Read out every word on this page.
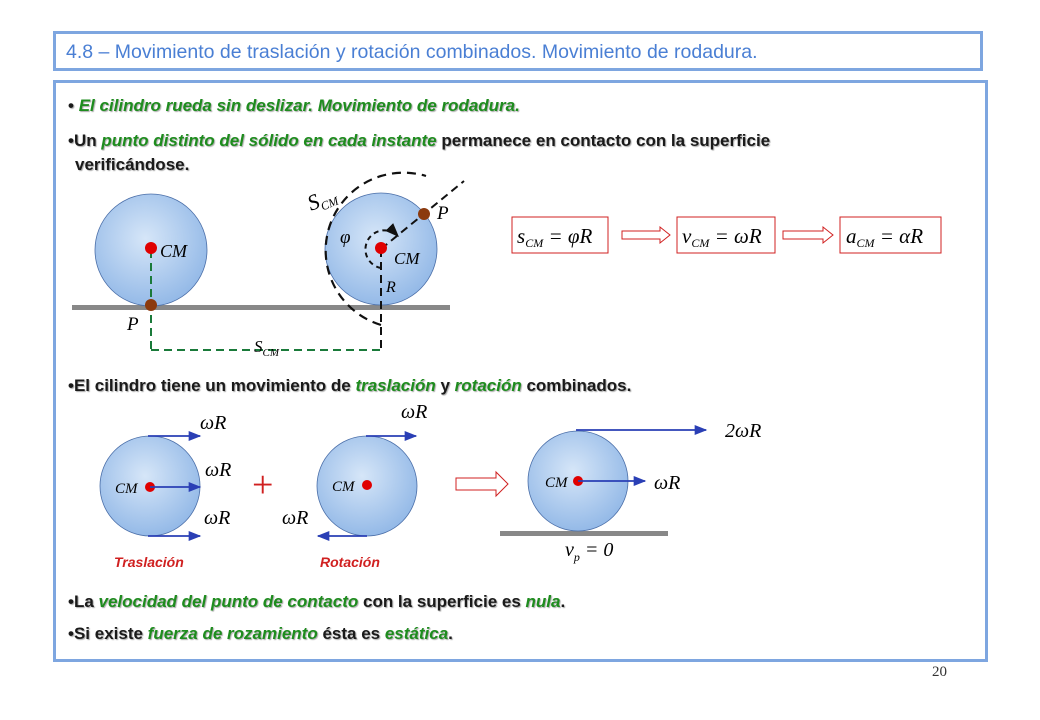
4.8 – Movimiento de traslación y rotación combinados. Movimiento de rodadura.
• El cilindro rueda sin deslizar. Movimiento de rodadura.
•Un punto distinto del sólido en cada instante permanece en contacto con la superficie
verificándose.
•El cilindro tiene un movimiento de traslación y rotación combinados.
•La velocidad del punto de contacto con la superficie es nula.
•Si existe fuerza de rozamiento ésta es estática.
CM
P
$S_{CM}$
SCM
φ
CM
R
P
sCM = φR	vCM = ωR	aCM = αR
CM
ωR
ωR
ωR
+	CM
ωR
ωR
Traslación	Rotación
CM
2ωR
ωR
$v_p = 0$
20
